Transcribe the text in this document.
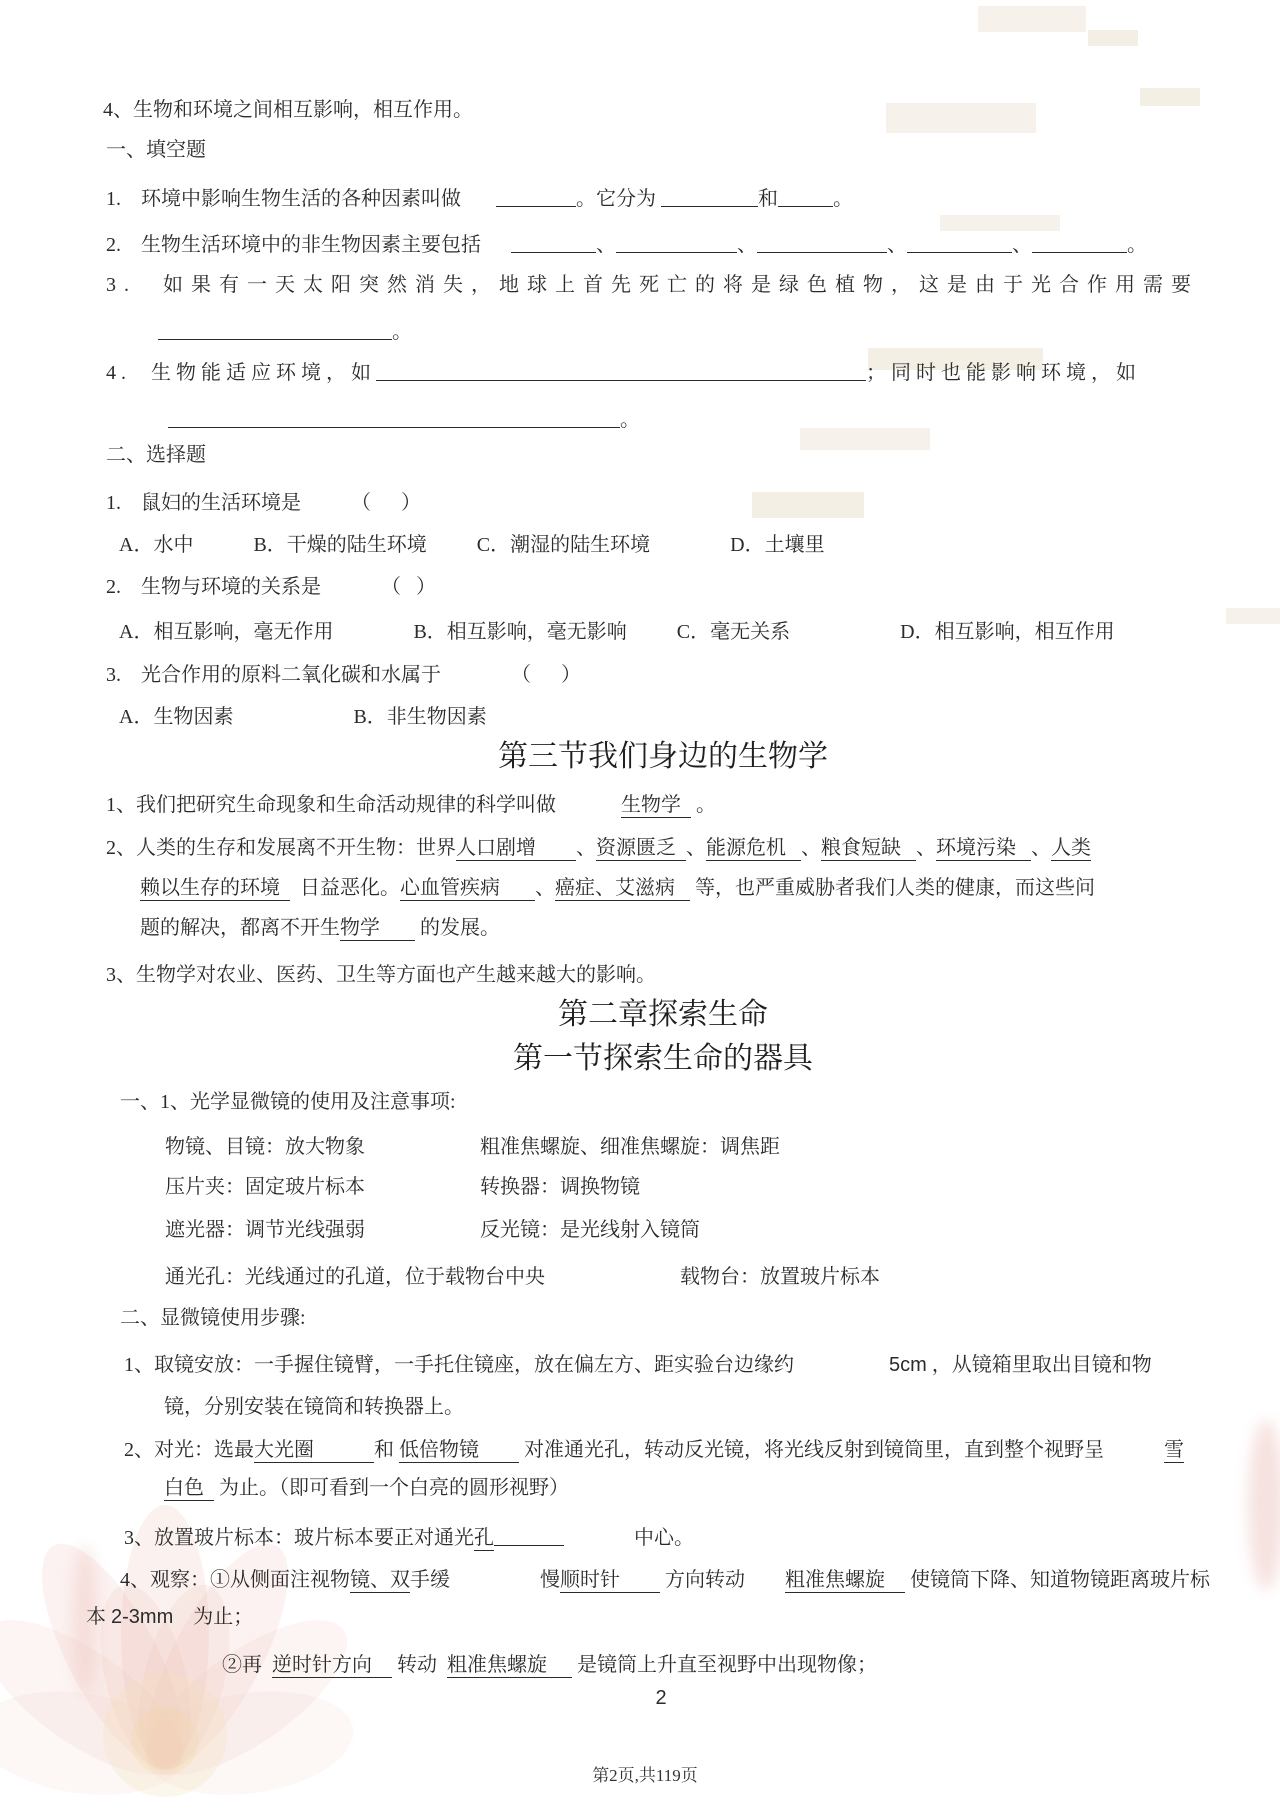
4、生物和环境之间相互影响，相互作用。
一、填空题
1.    环境中影响生物生活的各种因素叫做	。它分为	和	。
2.    生物生活环境中的非生物因素主要包括	、	、	、	、	。
3.  如果有一天太阳突然消失，地球上首先死亡的将是绿色植物，这是由于光合作用需要
。
4.  生物能适应环境，如	；同时也能影响环境，如
。
二、选择题
1.    鼠妇的生活环境是          （      ）
A．水中            B．干燥的陆生环境          C．潮湿的陆生环境                D．土壤里
2.    生物与环境的关系是            （   ）
A．相互影响，毫无作用                B．相互影响，毫无影响          C．毫无关系                      D．相互影响，相互作用
3.    光合作用的原料二氧化碳和水属于              （      ）
A．生物因素                        B．非生物因素
第三节我们身边的生物学
1、我们把研究生命现象和生命活动规律的科学叫做             生物学   。
2、人类的生存和发展离不开生物：世界人口剧增        、资源匮乏  、能源危机   、粮食短缺   、环境污染   、人类
赖以生存的环境    日益恶化。心血管疾病       、癌症、艾滋病    等，也严重威胁者我们人类的健康，而这些问
题的解决，都离不开生物学        的发展。
3、生物学对农业、医药、卫生等方面也产生越来越大的影响。
第二章探索生命
第一节探索生命的器具
一、1、光学显微镜的使用及注意事项:
物镜、目镜：放大物象	粗准焦螺旋、细准焦螺旋：调焦距
压片夹：固定玻片标本	转换器：调换物镜
遮光器：调节光线强弱	反光镜：是光线射入镜筒
通光孔：光线通过的孔道，位于载物台中央	载物台：放置玻片标本
二、显微镜使用步骤:
1、取镜安放：一手握住镜臂，一手托住镜座，放在偏左方、距实验台边缘约	5cm ，从镜箱里取出目镜和物
镜，分别安装在镜筒和转换器上。
2、对光：选最大光圈            和 低倍物镜         对准通光孔，转动反光镜，将光线反射到镜筒里，直到整个视野呈	雪
白色   为止。（即可看到一个白亮的圆形视野）
3、放置玻片标本：玻片标本要正对通光孔	中心。
4、观察：①从侧面注视物镜、双手缓                  慢顺时针         方向转动        粗准焦螺旋     使镜筒下降、知道物镜距离玻片标
本 2-3mm    为止；
②再  逆时针方向     转动  粗准焦螺旋      是镜筒上升直至视野中出现物像；
2
第2页,共119页
